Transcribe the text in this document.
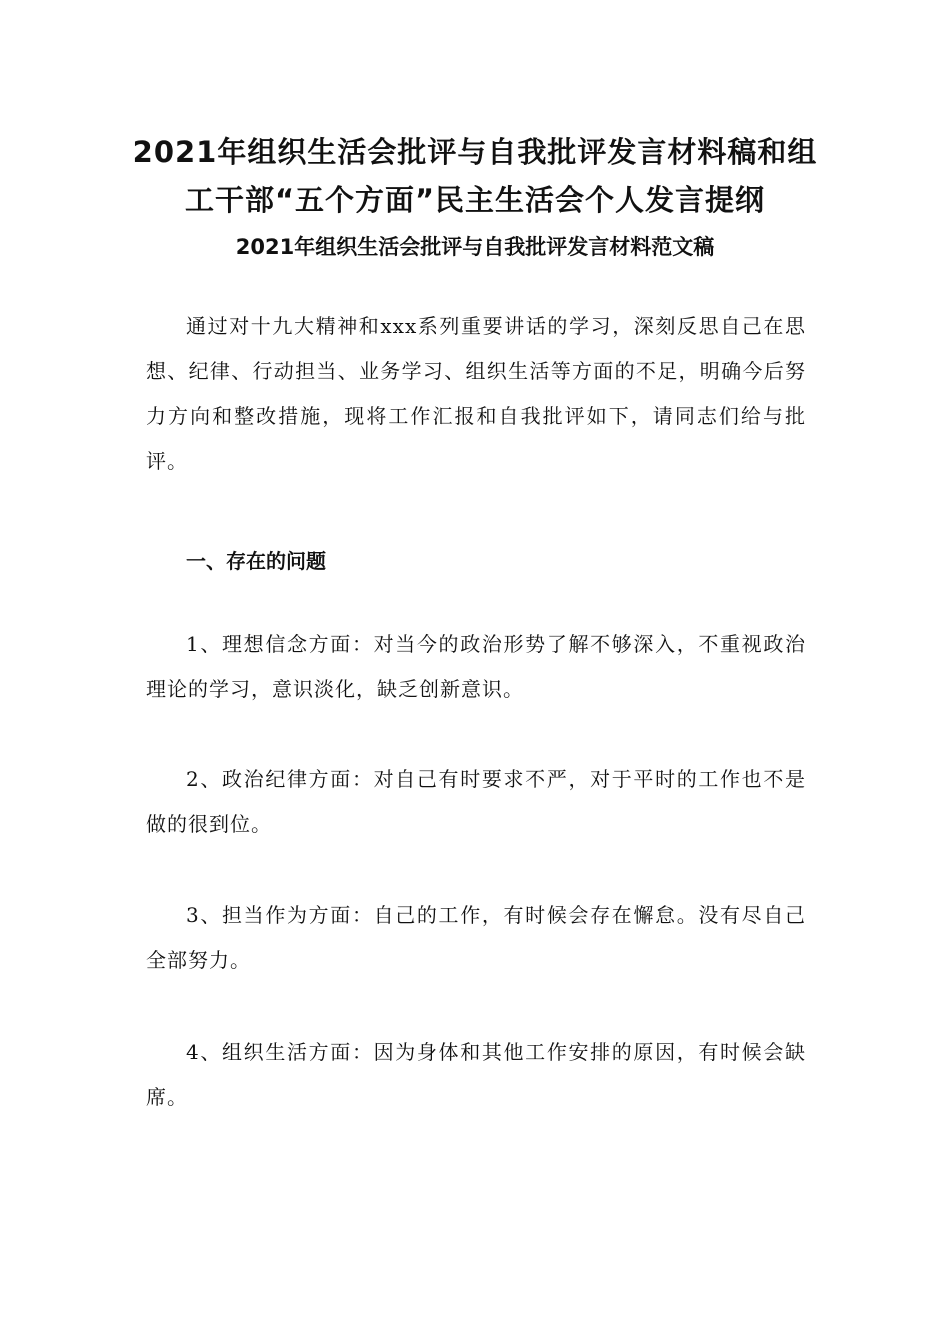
2021年组织生活会批评与自我批评发言材料稿和组
工干部“五个方面”民主生活会个人发言提纲
2021年组织生活会批评与自我批评发言材料范文稿

通过对十九大精神和xxx系列重要讲话的学习，深刻反思自己在思想、纪律、行动担当、业务学习、组织生活等方面的不足，明确今后努力方向和整改措施，现将工作汇报和自我批评如下，请同志们给与批评。

一、存在的问题

1、理想信念方面：对当今的政治形势了解不够深入，不重视政治理论的学习，意识淡化，缺乏创新意识。

2、政治纪律方面：对自己有时要求不严，对于平时的工作也不是做的很到位。

3、担当作为方面：自己的工作，有时候会存在懈怠。没有尽自己全部努力。

4、组织生活方面：因为身体和其他工作安排的原因，有时候会缺席。
